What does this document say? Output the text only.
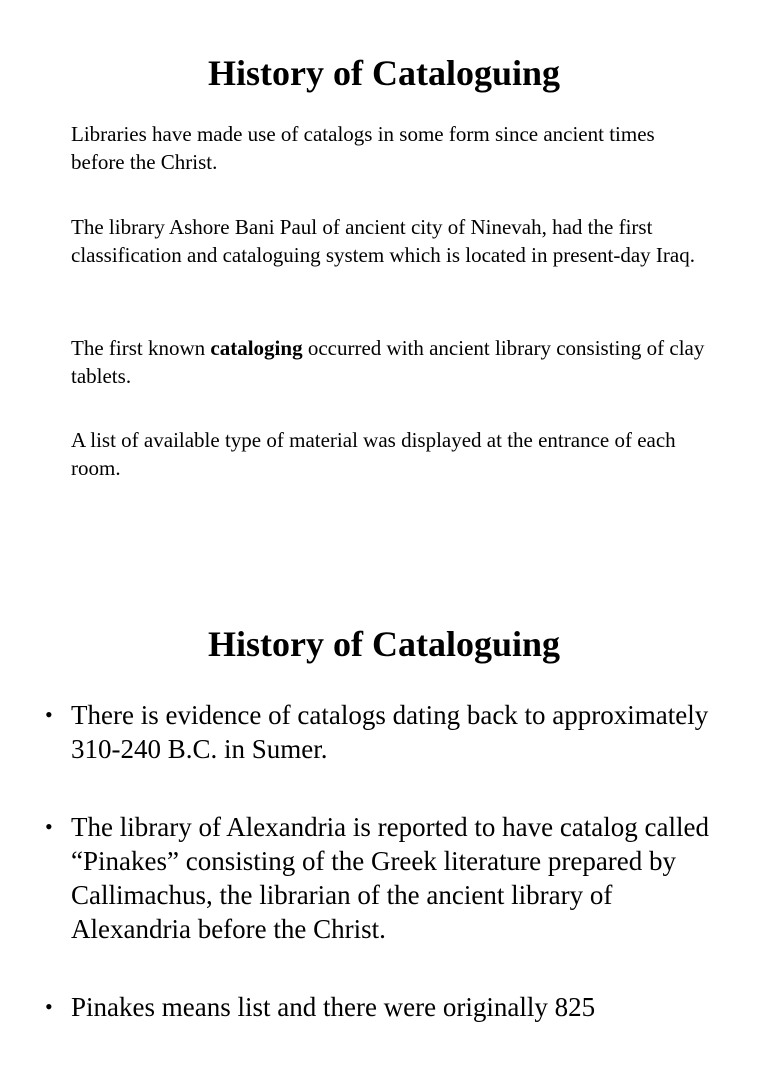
History of Cataloguing

Libraries have made use of catalogs in some form since ancient times before the Christ.

The library Ashore Bani Paul of ancient city of Ninevah, had the first classification and cataloguing system which is located in present-day Iraq.

The first known cataloging occurred with ancient library consisting of clay tablets.

A list of available type of material was displayed at the entrance of each room.

History of Cataloguing
• There is evidence of catalogs dating back to approximately 310-240 B.C. in Sumer.
• The library of Alexandria is reported to have catalog called “Pinakes” consisting of the Greek literature prepared by Callimachus, the librarian of the ancient library of Alexandria before the Christ.
• Pinakes means list and there were originally 825
